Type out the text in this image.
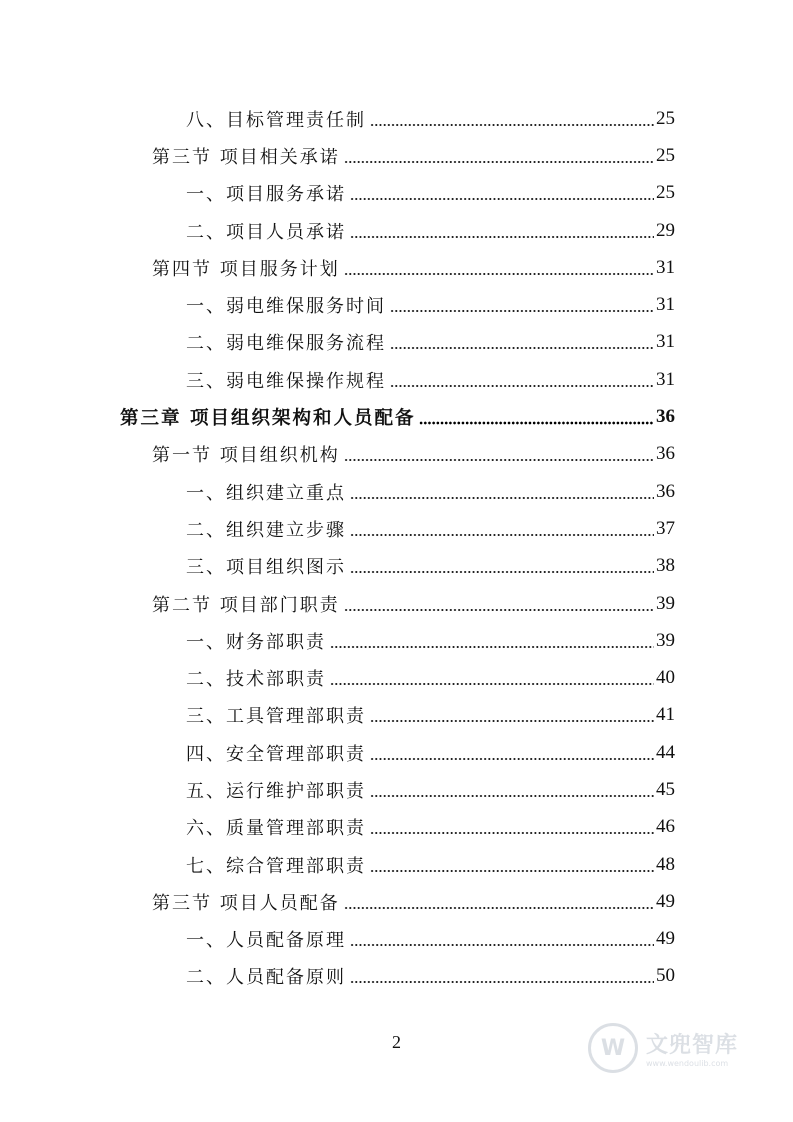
八、目标管理责任制	25
第三节 项目相关承诺	25
一、项目服务承诺	25
二、项目人员承诺	29
第四节 项目服务计划	31
一、弱电维保服务时间	31
二、弱电维保服务流程	31
三、弱电维保操作规程	31
第三章 项目组织架构和人员配备	36
第一节 项目组织机构	36
一、组织建立重点	36
二、组织建立步骤	37
三、项目组织图示	38
第二节 项目部门职责	39
一、财务部职责	39
二、技术部职责	40
三、工具管理部职责	41
四、安全管理部职责	44
五、运行维护部职责	45
六、质量管理部职责	46
七、综合管理部职责	48
第三节 项目人员配备	49
一、人员配备原理	49
二、人员配备原则	50
2	W 文兜智库
www.wendoulib.com
